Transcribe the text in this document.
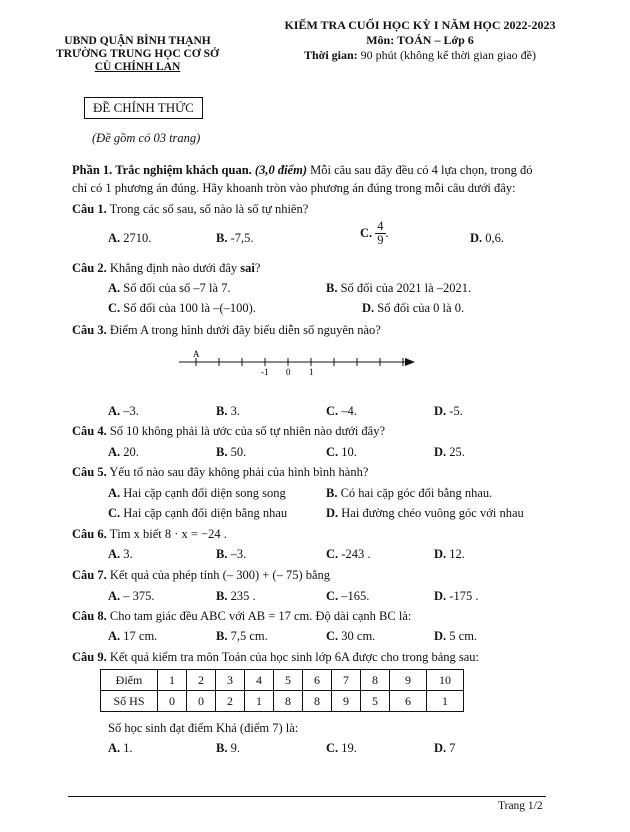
UBND QUẬN BÌNH THẠNH
TRƯỜNG TRUNG HỌC CƠ SỞ
CÙ CHÍNH LAN
KIỂM TRA CUỐI HỌC KỲ I NĂM HỌC 2022-2023
Môn: TOÁN – Lớp 6
Thời gian: 90 phút (không kể thời gian giao đề)
ĐỀ CHÍNH THỨC
(Đề gồm có 03 trang)
Phần 1. Trắc nghiệm khách quan. (3,0 điểm) Mỗi câu sau đây đều có 4 lựa chọn, trong đó
chỉ có 1 phương án đúng. Hãy khoanh tròn vào phương án đúng trong mỗi câu dưới đây:
Câu 1. Trong các số sau, số nào là số tự nhiên?
A. 2710.	B. -7,5.	C. $\frac{4}{9}$ .	D. 0,6.
Câu 2. Khẳng định nào dưới đây sai?
A. Số đối của số –7 là 7.	B. Số đối của 2021 là –2021.
C. Số đối của 100 là –(–100).	D. Số đối của 0 là 0.
Câu 3. Điểm A trong hình dưới đây biểu diễn số nguyên nào?
A
-1 0 1
A. –3.	B. 3.	C. –4.	D. -5.
Câu 4. Số 10 không phải là ước của số tự nhiên nào dưới đây?
A. 20.	B. 50.	C. 10.	D. 25.
Câu 5. Yếu tố nào sau đây không phải của hình bình hành?
A. Hai cặp cạnh đối diện song song	B. Có hai cặp góc đối bằng nhau.
C. Hai cặp cạnh đối diện bằng nhau	D. Hai đường chéo vuông góc với nhau
Câu 6. Tìm x biết 8 · x = −24 .
A. 3.	B. –3.	C. -243 .	D. 12.
Câu 7. Kết quả của phép tính (– 300) + (– 75) bằng
A. – 375.	B. 235 .	C. –165.	D. -175 .
Câu 8. Cho tam giác đều ABC với AB = 17 cm. Độ dài cạnh BC là:
A. 17 cm.	B. 7,5 cm.	C. 30 cm.	D. 5 cm.
Câu 9. Kết quả kiểm tra môn Toán của học sinh lớp 6A được cho trong bảng sau:
Điểm	1	2	3	4	5	6	7	8	9	10
Số HS	0	0	2	1	8	8	9	5	6	1
Số học sinh đạt điểm Khá (điểm 7) là:
A. 1.	B. 9.	C. 19.	D. 7
Trang 1/2
